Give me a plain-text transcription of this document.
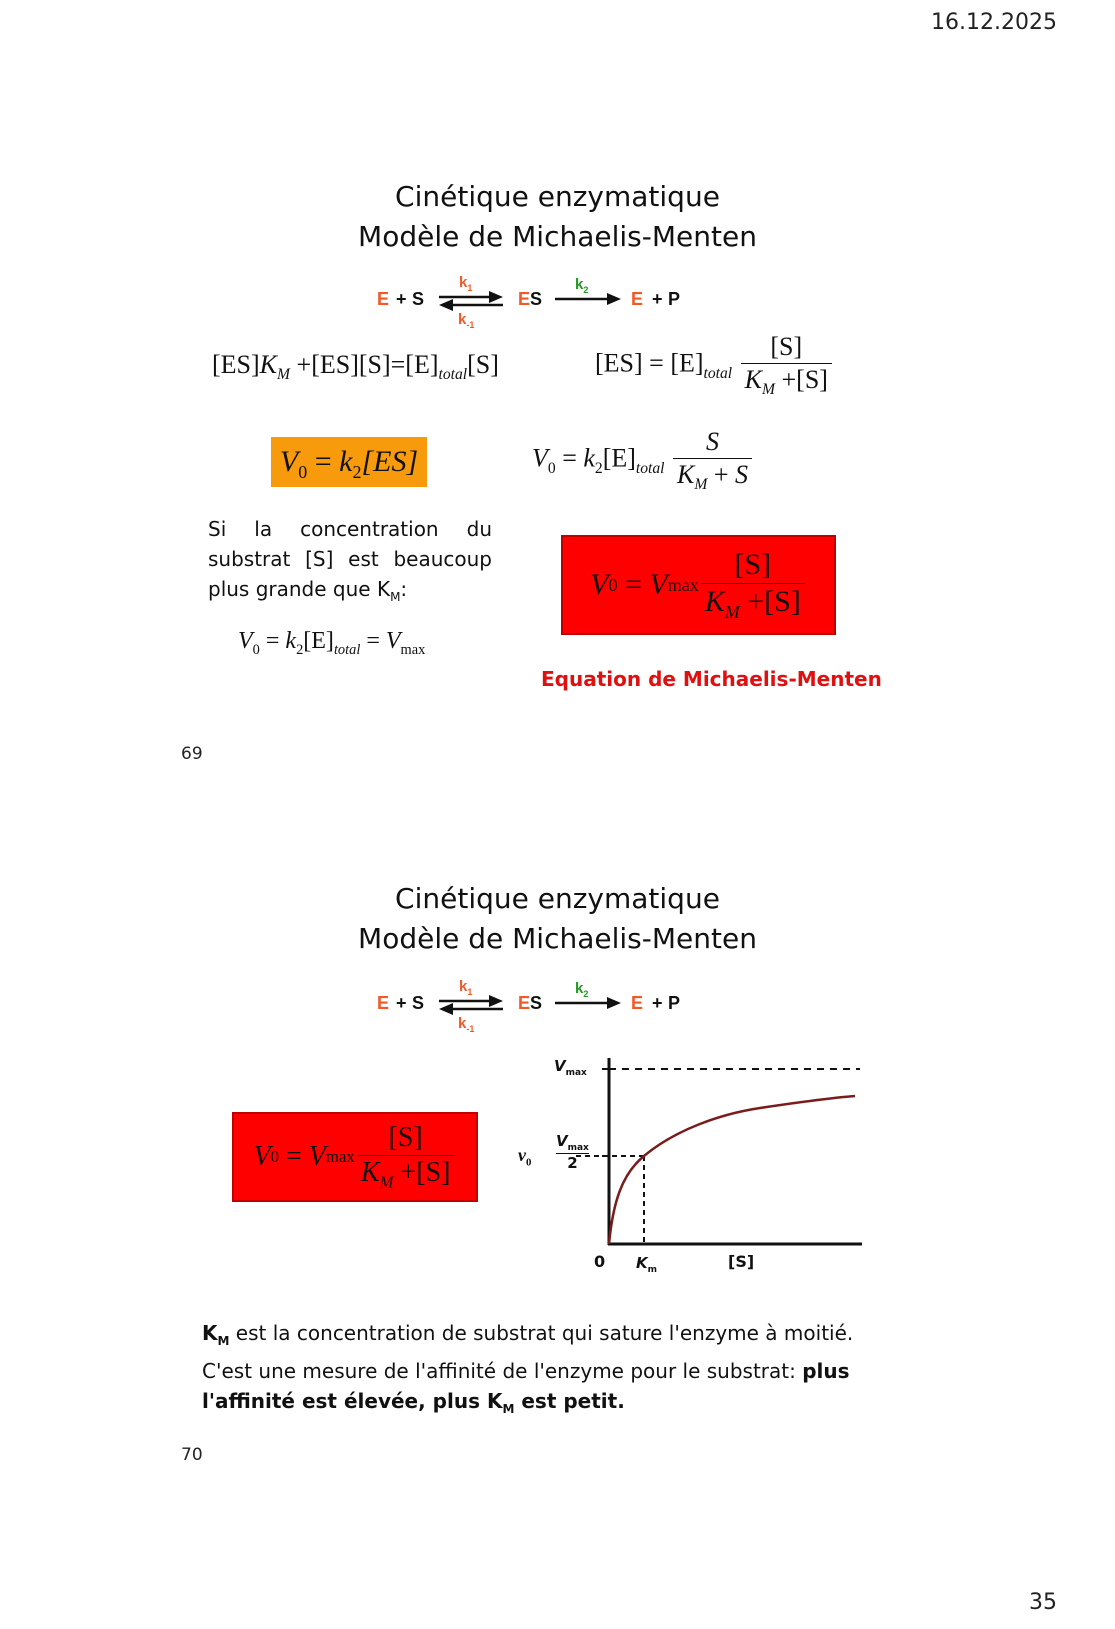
16.12.2025
35
Cinétique enzymatique
Modèle de Michaelis-Menten
E + S
$k_1$
$k_{-1}$
ES
$k_2$ E + P
$[ES]K_M +[ES][S]=[E]_{total}[S]$	$[ES] = [E]_{total} \frac{[S]}{K_M +[S]}$
$V_0 = k_2[ES]$	$V_0 = k_2[E]_{total} \frac{S}{K_M + S}$
Si la concentration du
substrat [S] est beaucoup
plus grande que $K_M$:
$V_0 = k_2[E]_{total} = V_{max}$
V 0
=
V $\max \frac{[S]}{K_M +[S]}$
Equation de Michaelis-Menten
69
Cinétique enzymatique
Modèle de Michaelis-Menten
E + S
$k_1$
$k_{-1}$
ES
$k_2$ E + P
V 0
=
V $\max \frac{[S]}{K_M +[S]}$
$V_{max}$
$v_0$
$V_{max}$
2
0 $K_m$	[S]
$K_M$ est la concentration de substrat qui sature l'enzyme à moitié.
C'est une mesure de l'affinité de l'enzyme pour le substrat: plus
l'affinité est élevée, plus $K_M$ est petit.
70
